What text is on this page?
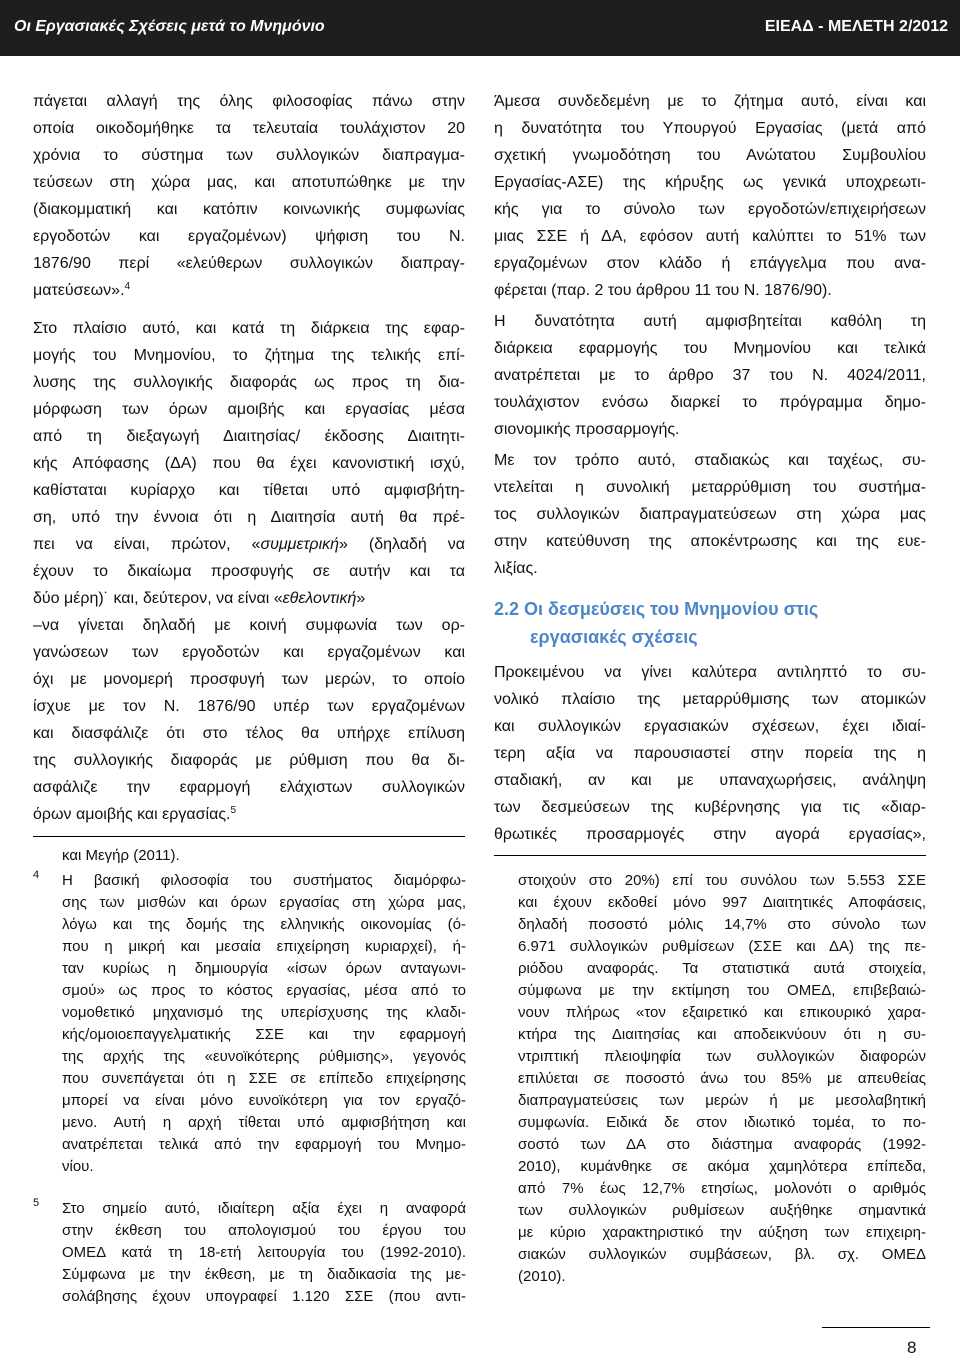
Οι Εργασιακές Σχέσεις μετά το Μνημόνιο	ΕΙΕΑΔ - ΜΕΛΕΤΗ 2/2012
πάγεται αλλαγή της όλης φιλοσοφίας πάνω στην
οποία οικοδομήθηκε τα τελευταία τουλάχιστον 20
χρόνια το σύστημα των συλλογικών διαπραγμα-
τεύσεων στη χώρα μας, και αποτυπώθηκε με την
(διακομματική και κατόπιν κοινωνικής συμφωνίας
εργοδοτών και εργαζομένων) ψήφιση του Ν.
1876/90 περί «ελεύθερων συλλογικών διαπραγ-
ματεύσεων».$^4$
Στο πλαίσιο αυτό, και κατά τη διάρκεια της εφαρ-
μογής του Μνημονίου, το ζήτημα της τελικής επί-
λυσης της συλλογικής διαφοράς ως προς τη δια-
μόρφωση των όρων αμοιβής και εργασίας μέσα
από τη διεξαγωγή Διαιτησίας/ έκδοσης Διαιτητι-
κής Απόφασης (ΔΑ) που θα έχει κανονιστική ισχύ,
καθίσταται κυρίαρχο και τίθεται υπό αμφισβήτη-
ση, υπό την έννοια ότι η Διαιτησία αυτή θα πρέ-
πει να είναι, πρώτον, «συμμετρική» (δηλαδή να
έχουν το δικαίωμα προσφυγής σε αυτήν και τα
δύο μέρη)˙ και, δεύτερον, να είναι «εθελοντική»
–να γίνεται δηλαδή με κοινή συμφωνία των ορ-
γανώσεων των εργοδοτών και εργαζομένων και
όχι με μονομερή προσφυγή των μερών, το οποίο
ίσχυε με τον Ν. 1876/90 υπέρ των εργαζομένων
και διασφάλιζε ότι στο τέλος θα υπήρχε επίλυση
της συλλογικής διαφοράς με ρύθμιση που θα δι-
ασφάλιζε την εφαρμογή ελάχιστων συλλογικών
όρων αμοιβής και εργασίας.$^5$
και Μεγήρ (2011).
4 Η βασική φιλοσοφία του συστήματος διαμόρφω-
σης των μισθών και όρων εργασίας στη χώρα μας,
λόγω και της δομής της ελληνικής οικονομίας (ό-
που η μικρή και μεσαία επιχείρηση κυριαρχεί), ή-
ταν κυρίως η δημιουργία «ίσων όρων ανταγωνι-
σμού» ως προς το κόστος εργασίας, μέσα από το
νομοθετικό μηχανισμό της υπερίσχυσης της κλαδι-
κής/ομοιοεπαγγελματικής ΣΣΕ και την εφαρμογή
της αρχής της «ευνοϊκότερης ρύθμισης», γεγονός
που συνεπάγεται ότι η ΣΣΕ σε επίπεδο επιχείρησης
μπορεί να είναι μόνο ευνοϊκότερη για τον εργαζό-
μενο. Αυτή η αρχή τίθεται υπό αμφισβήτηση και
ανατρέπεται τελικά από την εφαρμογή του Μνημο-
νίου.
5 Στο σημείο αυτό, ιδιαίτερη αξία έχει η αναφορά
στην έκθεση του απολογισμού του έργου του
ΟΜΕΔ κατά τη 18-ετή λειτουργία του (1992-2010).
Σύμφωνα με την έκθεση, με τη διαδικασία της με-
σολάβησης έχουν υπογραφεί 1.120 ΣΣΕ (που αντι-
Άμεσα συνδεδεμένη με το ζήτημα αυτό, είναι και
η δυνατότητα του Υπουργού Εργασίας (μετά από
σχετική γνωμοδότηση του Ανώτατου Συμβουλίου
Εργασίας-ΑΣΕ) της κήρυξης ως γενικά υποχρεωτι-
κής για το σύνολο των εργοδοτών/επιχειρήσεων
μιας ΣΣΕ ή ΔΑ, εφόσον αυτή καλύπτει το 51% των
εργαζομένων στον κλάδο ή επάγγελμα που ανα-
φέρεται (παρ. 2 του άρθρου 11 του Ν. 1876/90).
Η δυνατότητα αυτή αμφισβητείται καθόλη τη
διάρκεια εφαρμογής του Μνημονίου και τελικά
ανατρέπεται με το άρθρο 37 του Ν. 4024/2011,
τουλάχιστον ενόσω διαρκεί το πρόγραμμα δημο-
σιονομικής προσαρμογής.
Με τον τρόπο αυτό, σταδιακώς και ταχέως, συ-
ντελείται η συνολική μεταρρύθμιση του συστήμα-
τος συλλογικών διαπραγματεύσεων στη χώρα μας
στην κατεύθυνση της αποκέντρωσης και της ευε-
λιξίας.
2.2 Οι δεσμεύσεις του Μνημονίου στις
εργασιακές σχέσεις
Προκειμένου να γίνει καλύτερα αντιληπτό το συ-
νολικό πλαίσιο της μεταρρύθμισης των ατομικών
και συλλογικών εργασιακών σχέσεων, έχει ιδιαί-
τερη αξία να παρουσιαστεί στην πορεία της η
σταδιακή, αν και με υπαναχωρήσεις, ανάληψη
των δεσμεύσεων της κυβέρνησης για τις «διαρ-
θρωτικές προσαρμογές στην αγορά εργασίας»,
στοιχούν στο 20%) επί του συνόλου των 5.553 ΣΣΕ
και έχουν εκδοθεί μόνο 997 Διαιτητικές Αποφάσεις,
δηλαδή ποσοστό μόλις 14,7% στο σύνολο των
6.971 συλλογικών ρυθμίσεων (ΣΣΕ και ΔΑ) της πε-
ριόδου αναφοράς. Τα στατιστικά αυτά στοιχεία,
σύμφωνα με την εκτίμηση του ΟΜΕΔ, επιβεβαιώ-
νουν πλήρως «τον εξαιρετικό και επικουρικό χαρα-
κτήρα της Διαιτησίας και αποδεικνύουν ότι η συ-
ντριπτική πλειοψηφία των συλλογικών διαφορών
επιλύεται σε ποσοστό άνω του 85% με απευθείας
διαπραγματεύσεις των μερών ή με μεσολαβητική
συμφωνία. Ειδικά δε στον ιδιωτικό τομέα, το πο-
σοστό των ΔΑ στο διάστημα αναφοράς (1992-
2010), κυμάνθηκε σε ακόμα χαμηλότερα επίπεδα,
από 7% έως 12,7% ετησίως, μολονότι ο αριθμός
των συλλογικών ρυθμίσεων αυξήθηκε σημαντικά
με κύριο χαρακτηριστικό την αύξηση των επιχειρη-
σιακών συλλογικών συμβάσεων, βλ. σχ. ΟΜΕΔ
(2010).
8
